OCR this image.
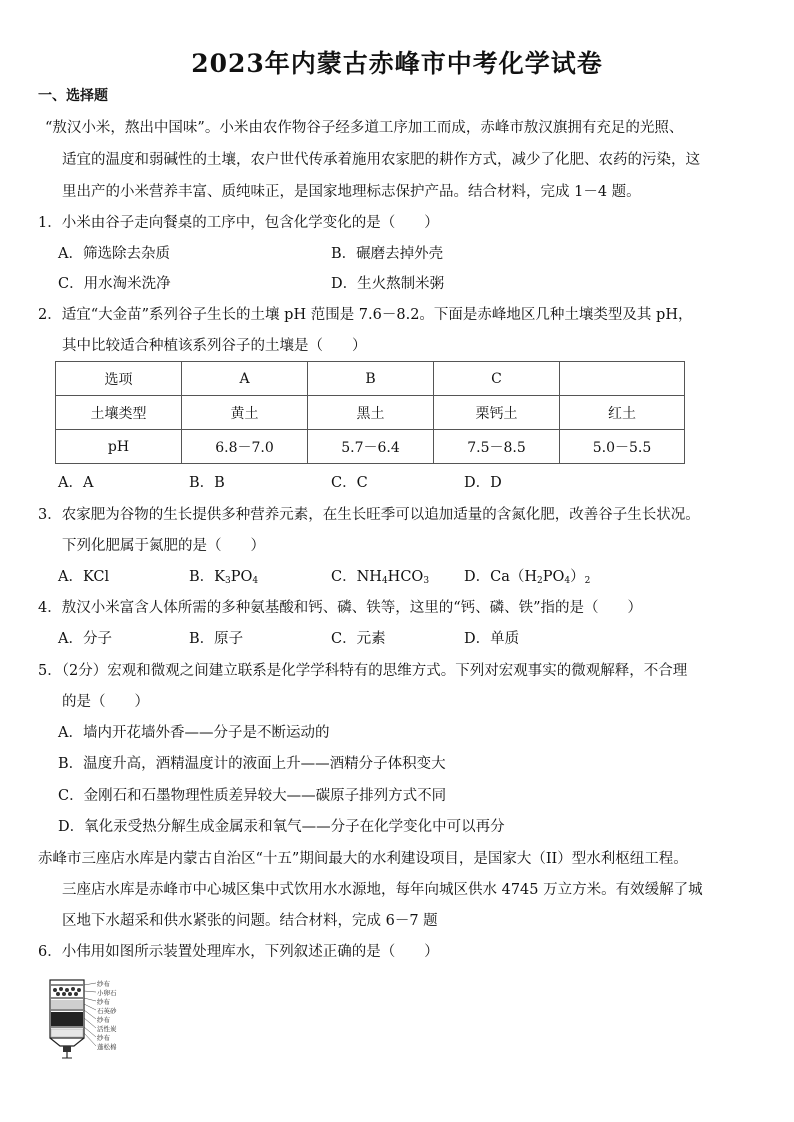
2023年内蒙古赤峰市中考化学试卷
一、选择题
“敖汉小米，熬出中国味”。小米由农作物谷子经多道工序加工而成，赤峰市敖汉旗拥有充足的光照、
适宜的温度和弱碱性的土壤，农户世代传承着施用农家肥的耕作方式，减少了化肥、农药的污染，这
里出产的小米营养丰富、质纯味正，是国家地理标志保护产品。结合材料，完成 1－4 题。
1．小米由谷子走向餐桌的工序中，包含化学变化的是（　　）
A．筛选除去杂质	B．碾磨去掉外壳
C．用水淘米洗净	D．生火熬制米粥
2．适宜“大金苗”系列谷子生长的土壤 pH 范围是 7.6－8.2。下面是赤峰地区几种土壤类型及其 pH，
其中比较适合种植该系列谷子的土壤是（　　）
选项	A	B	C	
土壤类型	黄土	黑土	栗钙土	红土
pH	6.8－7.0	5.7－6.4	7.5－8.5	5.0－5.5
A．A	B．B	C．C	D．D
3．农家肥为谷物的生长提供多种营养元素，在生长旺季可以追加适量的含氮化肥，改善谷子生长状况。
下列化肥属于氮肥的是（　　）
A．KCl	B．$K_3PO_4$	C．$NH_4HCO_3$ D．$Ca(H_2PO_4)_2$
4．敖汉小米富含人体所需的多种氨基酸和钙、磷、铁等，这里的“钙、磷、铁”指的是（　　）
A．分子	B．原子	C．元素	D．单质
5．（2分）宏观和微观之间建立联系是化学学科特有的思维方式。下列对宏观事实的微观解释，不合理
的是（　　）
A．墙内开花墙外香——分子是不断运动的
B．温度升高，酒精温度计的液面上升——酒精分子体积变大
C．金刚石和石墨物理性质差异较大——碳原子排列方式不同
D．氧化汞受热分解生成金属汞和氧气——分子在化学变化中可以再分
赤峰市三座店水库是内蒙古自治区“十五”期间最大的水利建设项目，是国家大（II）型水利枢纽工程。
三座店水库是赤峰市中心城区集中式饮用水水源地，每年向城区供水 4745 万立方米。有效缓解了城
区地下水超采和供水紧张的问题。结合材料，完成 6－7 题
6．小伟用如图所示装置处理库水，下列叙述正确的是（　　）
纱布
小卵石
纱布
石英砂
纱布
活性炭
纱布
蓬松棉
